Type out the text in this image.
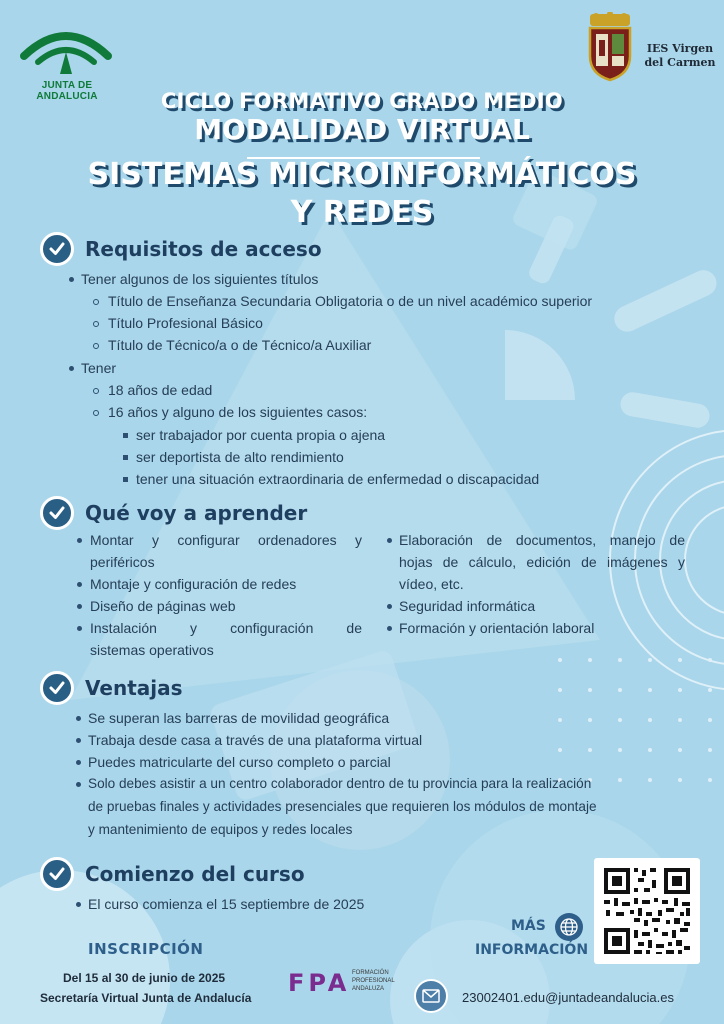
JUNTA DE ANDALUCIA
IES Virgen
del Carmen
CICLO FORMATIVO GRADO MEDIO
MODALIDAD VIRTUAL
SISTEMAS MICROINFORMÁTICOS
Y REDES
Requisitos de acceso
Tener algunos de los siguientes títulos
Título de Enseñanza Secundaria Obligatoria o de un nivel académico superior
Título Profesional Básico
Título de Técnico/a o de Técnico/a Auxiliar
Tener
18 años de edad
16 años y alguno de los siguientes casos:
ser trabajador por cuenta propia o ajena
ser deportista de alto rendimiento
tener una situación extraordinaria de enfermedad o discapacidad
Qué voy a aprender
Montar y configurar ordenadores y
periféricos
Montaje y configuración de redes
Diseño de páginas web
Instalación y configuración de
sistemas operativos
Elaboración de documentos, manejo de
hojas de cálculo, edición de imágenes y
vídeo, etc.
Seguridad informática
Formación y orientación laboral
Ventajas
Se superan las barreras de movilidad geográfica
Trabaja desde casa a través de una plataforma virtual
Puedes matricularte del curso completo o parcial
Solo debes asistir a un centro colaborador dentro de tu provincia para la realización
de pruebas finales y actividades presenciales que requieren los módulos de montaje
y mantenimiento de equipos y redes locales
Comienzo del curso
El curso comienza el 15 septiembre de 2025
MÁS
INFORMACIÓN
INSCRIPCIÓN
Del 15 al 30 de junio de 2025
Secretaría Virtual Junta de Andalucía
FPA FORMACIÓN
PROFESIONAL
ANDALUZA
23002401.edu@juntadeandalucia.es
